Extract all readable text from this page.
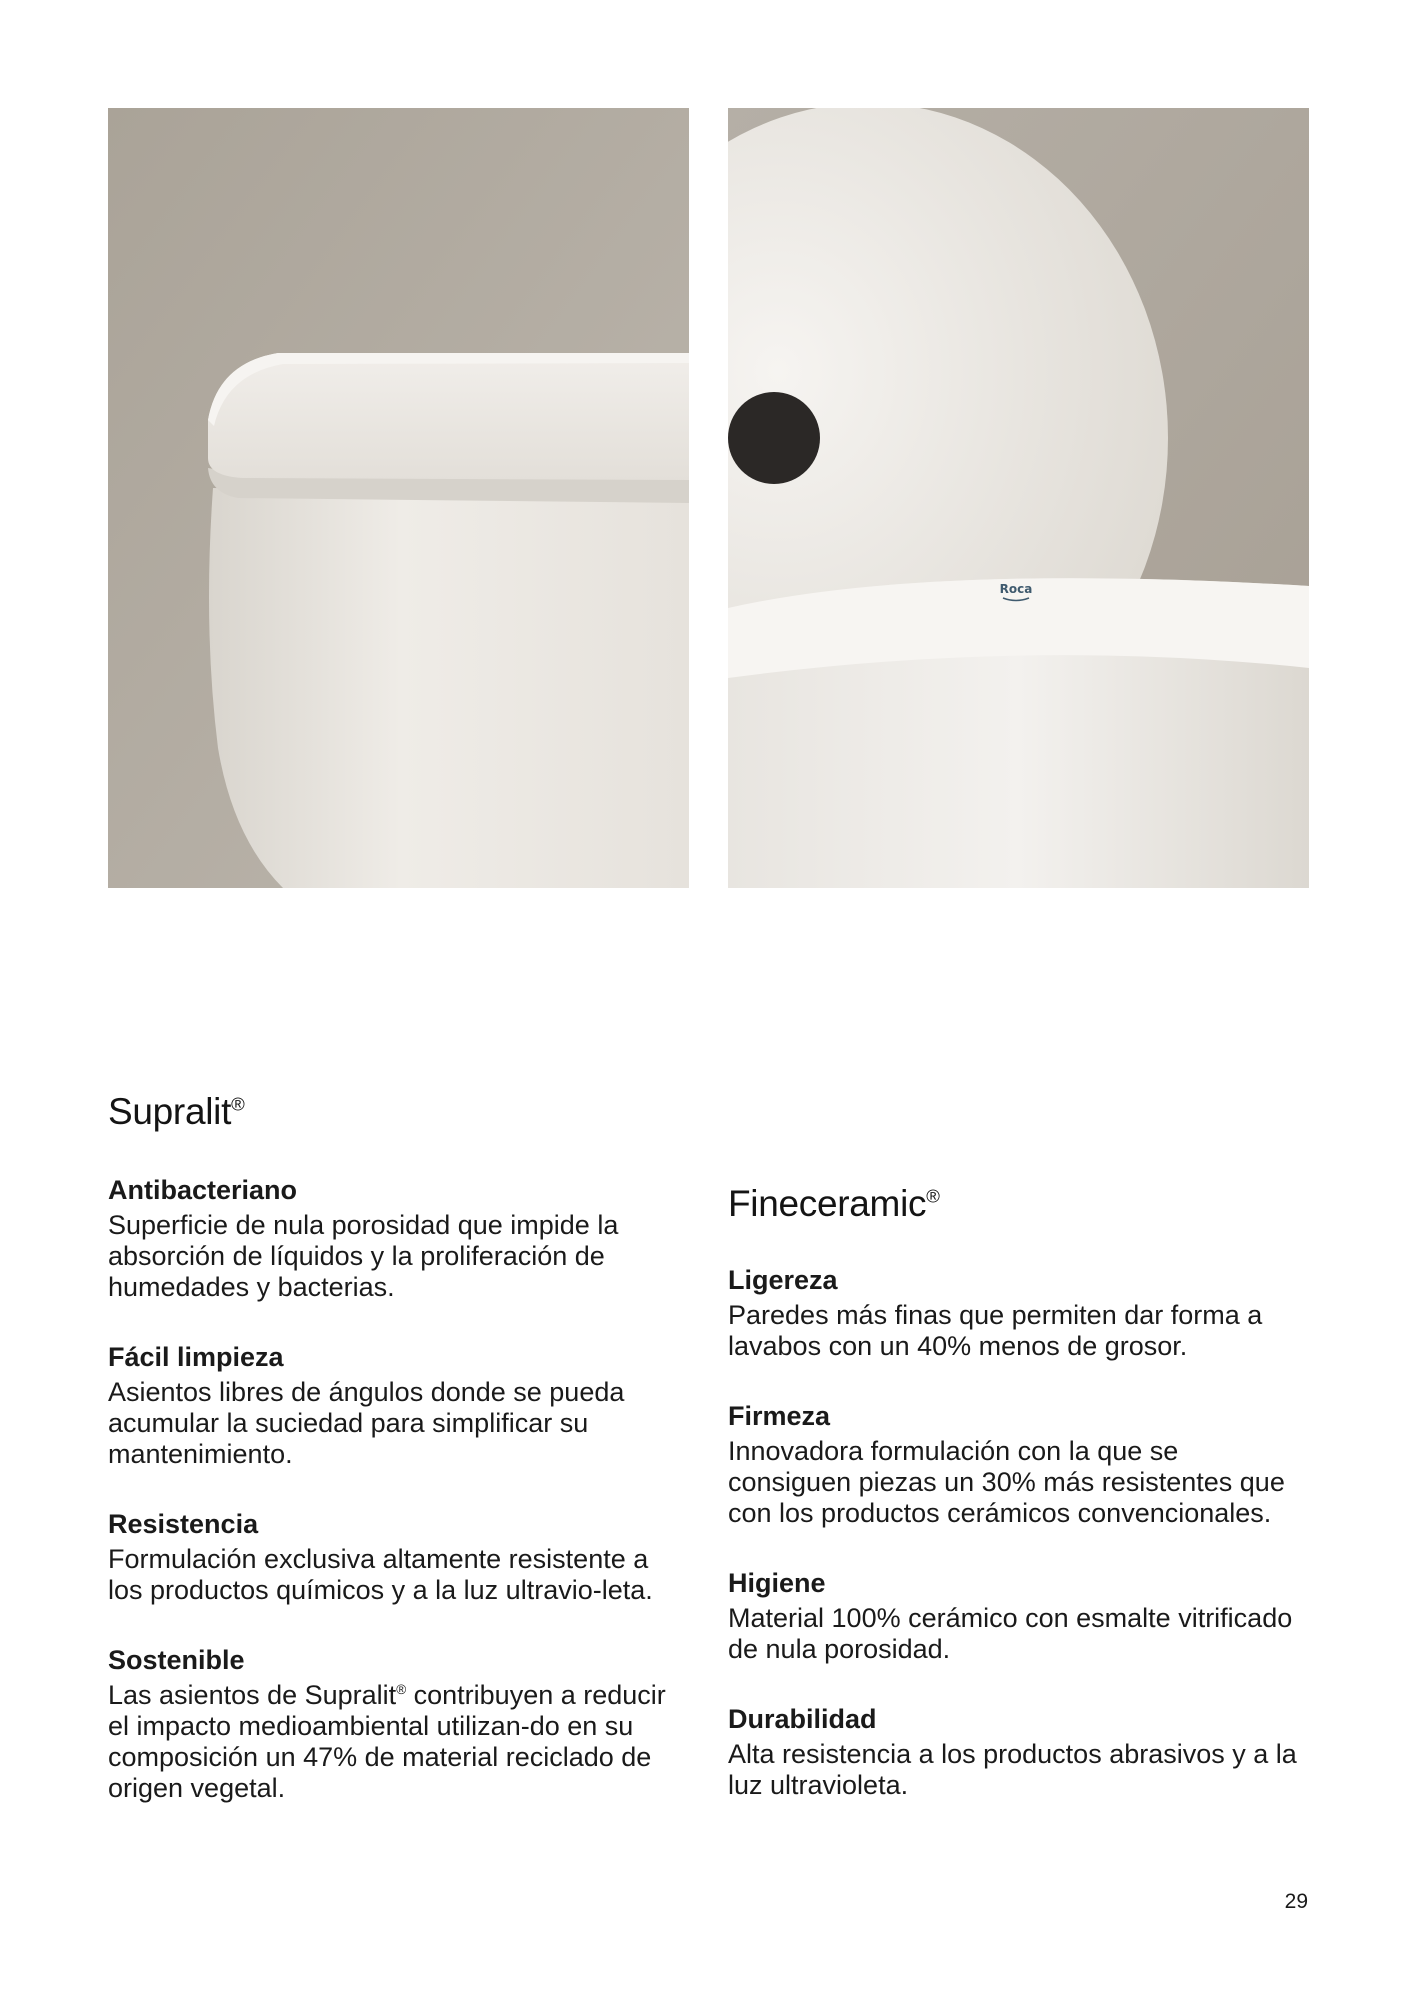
Roca
Supralit®

Antibacteriano

Superficie de nula porosidad que impide la absorción de líquidos y la proliferación de humedades y bacterias.

Fácil limpieza

Asientos libres de ángulos donde se pueda acumular la suciedad para simplificar su mantenimiento.

Resistencia

Formulación exclusiva altamente resistente a los productos químicos y a la luz ultravio-leta.

Sostenible

Las asientos de Supralit® contribuyen a reducir el impacto medioambiental utilizan-do en su composición un 47% de material reciclado de origen vegetal.

Fineceramic®

Ligereza

Paredes más finas que permiten dar forma a lavabos con un 40% menos de grosor.

Firmeza

Innovadora formulación con la que se consiguen piezas un 30% más resistentes que con los productos cerámicos convencionales.

Higiene

Material 100% cerámico con esmalte vitrificado de nula porosidad.

Durabilidad

Alta resistencia a los productos abrasivos y a la luz ultravioleta.

29
